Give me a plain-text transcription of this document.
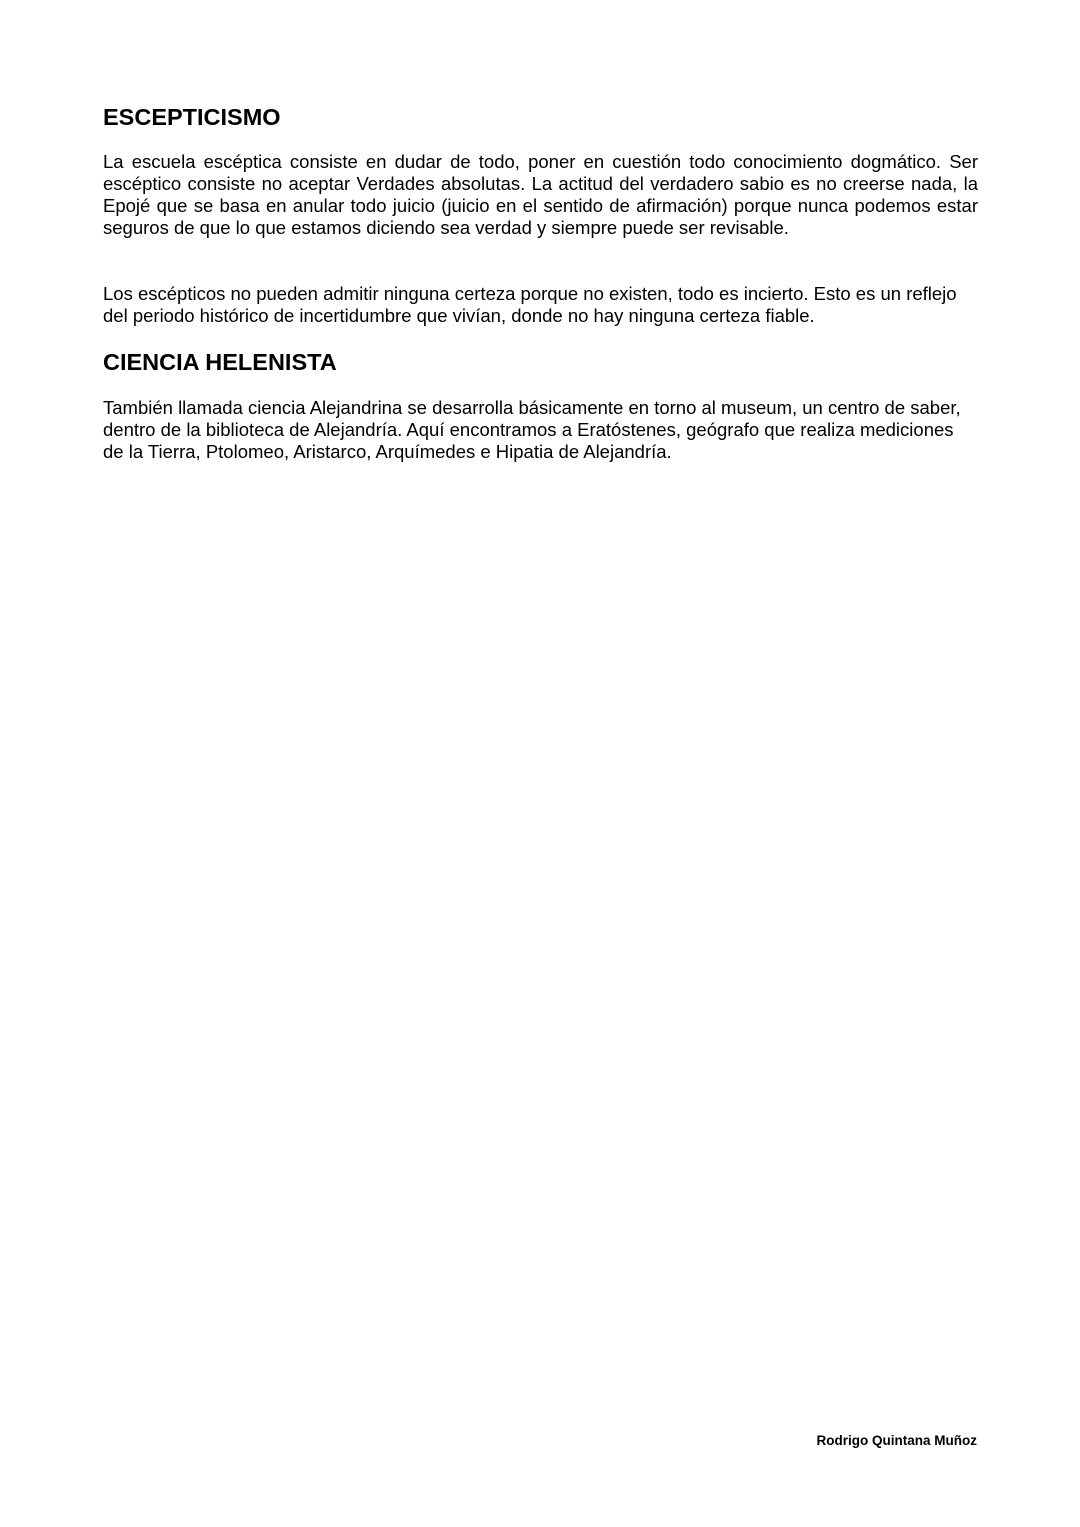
ESCEPTICISMO

La escuela escéptica consiste en dudar de todo, poner en cuestión todo conocimiento dogmático. Ser escéptico consiste no aceptar Verdades absolutas. La actitud del verdadero sabio es no creerse nada, la Epojé que se basa en anular todo juicio (juicio en el sentido de afirmación) porque nunca podemos estar seguros de que lo que estamos diciendo sea verdad y siempre puede ser revisable.

Los escépticos no pueden admitir ninguna certeza porque no existen, todo es incierto. Esto es un reflejo del periodo histórico de incertidumbre que vivían, donde no hay ninguna certeza fiable.

CIENCIA HELENISTA

También llamada ciencia Alejandrina se desarrolla básicamente en torno al museum, un centro de saber, dentro de la biblioteca de Alejandría. Aquí encontramos a Eratóstenes, geógrafo que realiza mediciones de la Tierra, Ptolomeo, Aristarco, Arquímedes e Hipatia de Alejandría.

Rodrigo Quintana Muñoz
